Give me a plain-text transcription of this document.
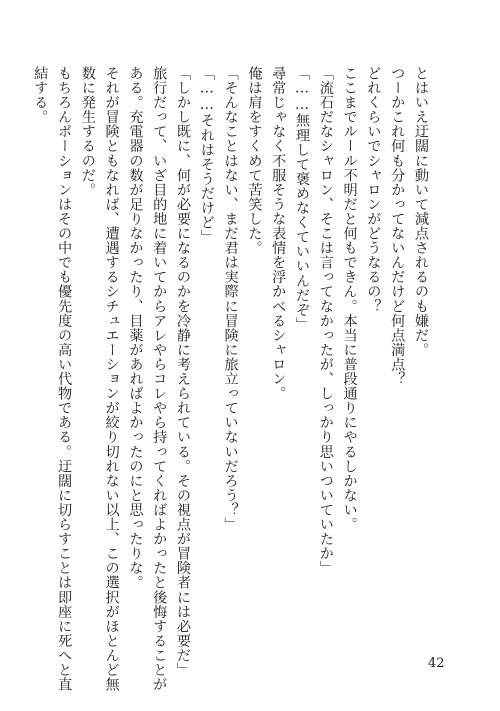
とはいえ迂闊に動いて減点されるのも嫌だ。
つーかこれ何も分かってないんだけど何点満点？
どれくらいでシャロンがどうなるの？
ここまでルール不明だと何もできん。本当に普段通りにやるしかない。
「流石だなシャロン、そこは言ってなかったが、しっかり思いついていたか」
「……無理して褒めなくていいんだぞ」
尋常じゃなく不服そうな表情を浮かべるシャロン。
俺は肩をすくめて苦笑した。
「そんなことはない、まだ君は実際に冒険に旅立っていないだろう？」
「……それはそうだけど」
「しかし既に、何が必要になるのかを冷静に考えられている。その視点が冒険者には必要だ」
旅行だって、いざ目的地に着いてからアレやらコレやら持ってくればよかったと後悔することが
ある。充電器の数が足りなかったり、目薬があればよかったのにと思ったりな。
それが冒険ともなれば、遭遇するシチュエーションが絞り切れない以上、この選択がほとんど無
数に発生するのだ。
もちろんポーションはその中でも優先度の高い代物である。迂闊に切らすことは即座に死へと直
結する。
42
